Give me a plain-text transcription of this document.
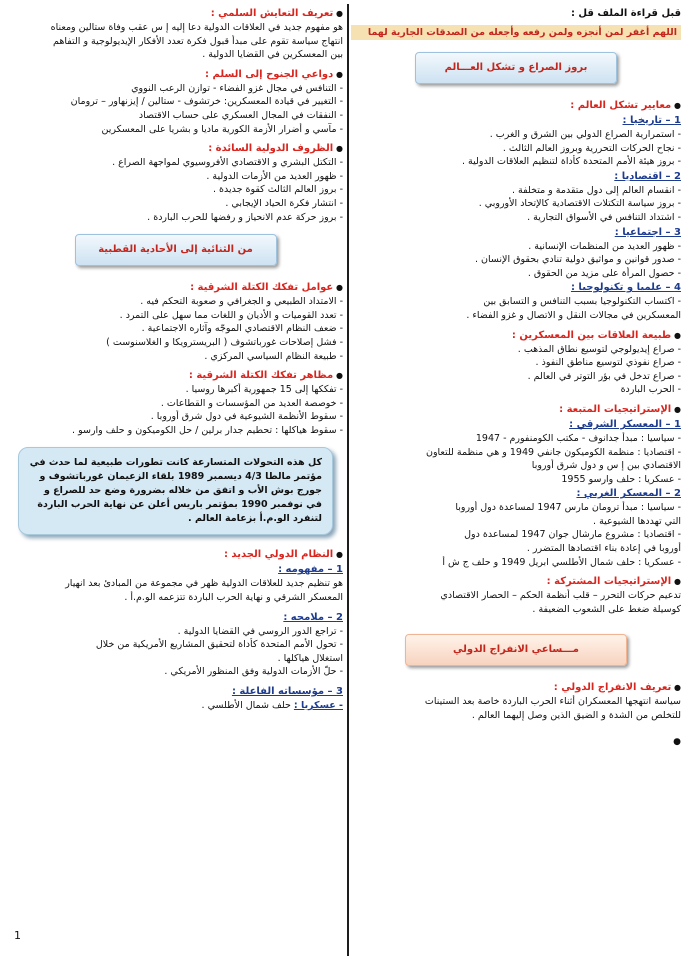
قبل قراءة الملف قل :
اللهم أغفر لمن أنجزه ولمن رفعه وأجعله من الصدقات الجارية لهما
بروز الصراع و تشكل العـــالم
● معايير تشكل العالم :
1 – تاريخيا :
- استمرارية الصراع الدولي بين الشرق و الغرب .
- نجاح الحركات التحررية وبروز العالم الثالث .
- بروز هيئة الأمم المتحدة كأداة لتنظيم العلاقات الدولية .
2 – اقتصاديا :
- انقسام العالم إلى دول متقدمة و متخلفة .
- بروز سياسة التكتلات الاقتصادية كالإتحاد الأوروبي .
- اشتداد التنافس في الأسواق التجارية .
3 – اجتماعيا :
- ظهور العديد من المنظمات الإنسانية .
- صدور قوانين و مواثيق دولية تنادي بحقوق الإنسان .
- حصول المرأة على مزيد من الحقوق .
4 – علميا و تكنولوجيا :
- اكتساب التكنولوجيا بسبب التنافس و التسابق بين
المعسكرين في مجالات النقل و الاتصال و غزو الفضاء .
● طبيعة العلاقات بين المعسكرين :
- صراع إيديولوجي لتوسيع نطاق المذهب .
- صراع نفوذي لتوسيع مناطق النفوذ .
- صراع تدخل في بؤر التوتر في العالم .
- الحرب الباردة
● الإستراتيجيات المتبعة :
1 – المعسكر الشرقي :
- سياسيا : مبدأ جدانوف - مكتب الكومنفورم - 1947
- اقتصاديا : منظمة الكوميكون جانفي 1949 و هي منظمة للتعاون
الاقتصادي بين إ س و دول شرق أوروبا
- عسكريا : حلف وارسو 1955
2 – المعسكر الغربي :
- سياسيا : مبدأ ترومان مارس 1947 لمساعدة دول أوروبا
التي تهددها الشيوعية .
- اقتصاديا : مشروع مارشال جوان 1947 لمساعدة دول
أوروبا في إعادة بناء اقتصادها المتضرر .
- عسكريا : حلف شمال الأطلسي ابريل 1949 و حلف ج ش أ
● الإستراتيجيات المشتركة :
تدعيم حركات التحرر – قلب أنظمة الحكم – الحصار الاقتصادي
كوسيلة ضغط على الشعوب الضعيفة .
مـــساعي الانفراج الدولي
● تعريف الانفراج الدولي :
سياسة انتهجها المعسكران أثناء الحرب الباردة خاصة بعد الستينات
للتخلص من الشدة و الضيق الذين وصل إليهما العالم .
●
● تعريف التعايش السلمي :
هو مفهوم جديد في العلاقات الدولية دعا إليه إ س عقب وفاة ستالين ومعناه
انتهاج سياسة تقوم على مبدأ قبول فكرة تعدد الأفكار الإيديولوجية و التفاهم
بين المعسكرين في القضايا الدولية .
● دواعي الجنوح إلى السلم :
- التنافس في مجال غزو الفضاء - توازن الرعب النووي
- التغيير في قيادة المعسكرين: خرتشوف - ستالين / إيزنهاور – ترومان
- النفقات في المجال العسكري على حساب الاقتصاد
- مآسي و أضرار الأزمة الكورية ماديا و بشريا على المعسكرين
● الظروف الدولية السائدة :
- التكتل البشري و الاقتصادي الأفروسيوي لمواجهة الصراع .
- ظهور العديد من الأزمات الدولية .
- بروز العالم الثالث كقوة جديدة .
- انتشار فكرة الحياد الإيجابي .
- بروز حركة عدم الانحياز و رفضها للحرب الباردة .
من الثنائية إلى الأحادية القطبية
● عوامل تفكك الكتلة الشرقية :
- الامتداد الطبيعي و الجغرافي و صعوبة التحكم فيه .
- تعدد القوميات و الأديان و اللغات مما سهل على التمرد .
- ضعف النظام الاقتصادي الموجّه وآثاره الاجتماعية .
- فشل إصلاحات غورباتشوف ( البريسترويكا و الغلاسنوست )
- طبيعة النظام السياسي المركزي .
● مظاهر تفكك الكتلة الشرقية :
- تفككها إلى 15 جمهورية أكبرها روسيا .
- خوصصة العديد من المؤسسات و القطاعات .
- سقوط الأنظمة الشيوعية في دول شرق أوروبا .
- سقوط هياكلها : تحطيم جدار برلين / حل الكوميكون و حلف وارسو .
كل هذه التحولات المتسارعة كانت تطورات طبيعية لما حدث في مؤتمر مالطا 4/3 ديسمبر 1989 بلقاء الزعيمان غورباتشوف و جورج بوش الأب و اتفق من خلاله بضرورة وضع حد للصراع و في نوفمبر 1990 بمؤتمر باريس أعلن عن نهاية الحرب الباردة لتنفرد الو.م.أ بزعامة العالم .
● النظام الدولي الجديد :
1 – مفهومه :
هو تنظيم جديد للعلاقات الدولية ظهر في مجموعة من المبادئ بعد انهيار
المعسكر الشرقي و نهاية الحرب الباردة تتزعمه الو.م.أ .
2 – ملامحه :
- تراجع الدور الروسي في القضايا الدولية .
- تحول الأمم المتحدة كأداة لتحقيق المشاريع الأمريكية من خلال
استغلال هياكلها .
- حلّ الأزمات الدولية وفق المنظور الأمريكي .
3 – مؤسساته الفاعلة :
- عسكريا : حلف شمال الأطلسي .
1
